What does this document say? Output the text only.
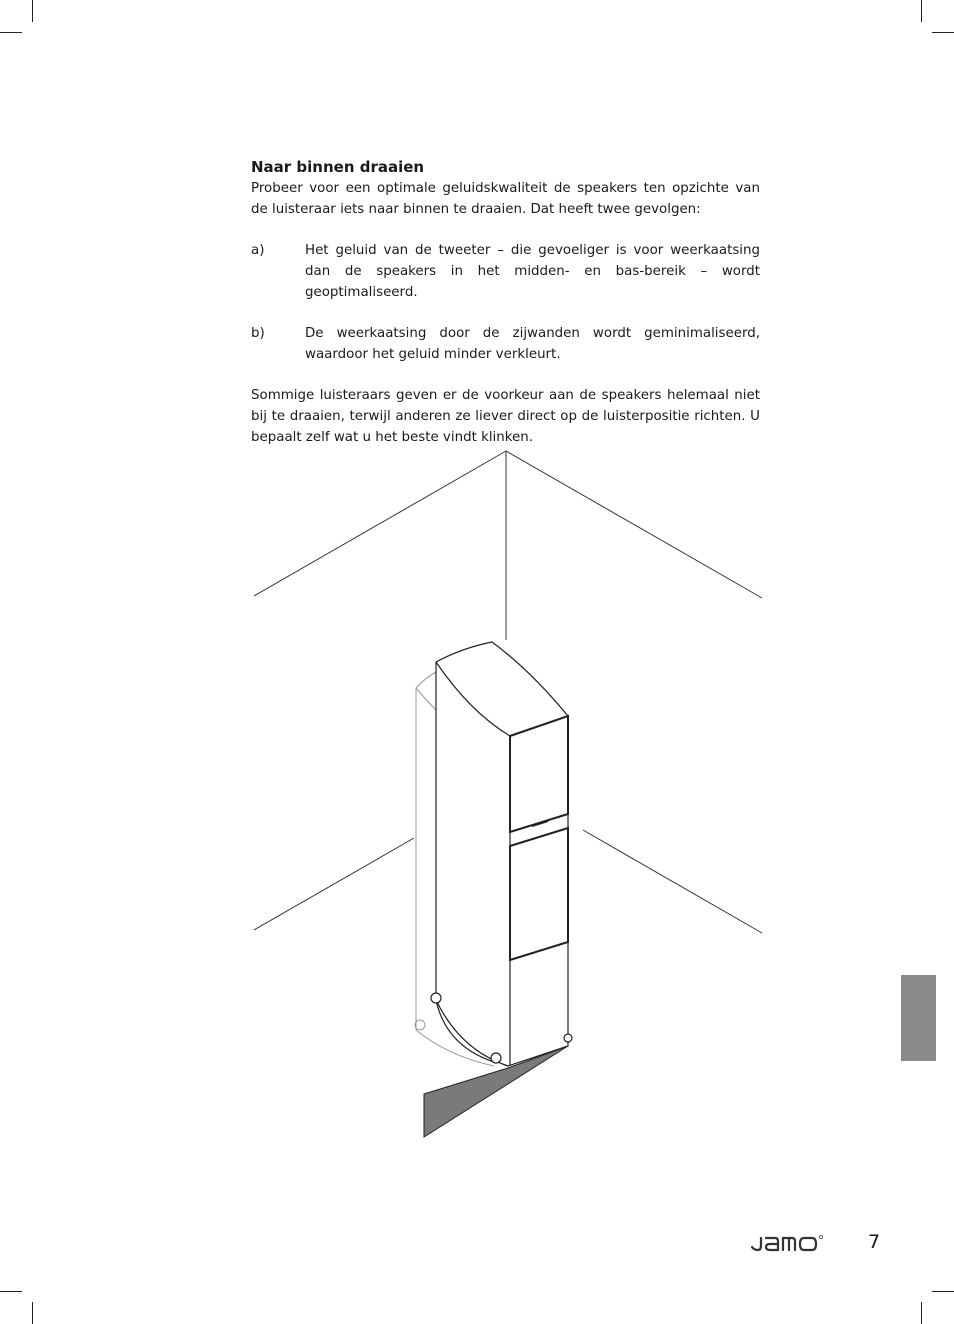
Naar binnen draaien

Probeer voor een optimale geluidskwaliteit de speakers ten opzichte van de luisteraar iets naar binnen te draaien. Dat heeft twee gevolgen:

a)	Het geluid van de tweeter – die gevoeliger is voor weerkaatsing dan de speakers in het midden- en bas-bereik – wordt geoptimaliseerd.
b)	De weerkaatsing door de zijwanden wordt geminimaliseerd, waardoor het geluid minder verkleurt.

Sommige luisteraars geven er de voorkeur aan de speakers helemaal niet bij te draaien, terwijl anderen ze liever direct op de luisterpositie richten. U bepaalt zelf wat u het beste vindt klinken.

7
